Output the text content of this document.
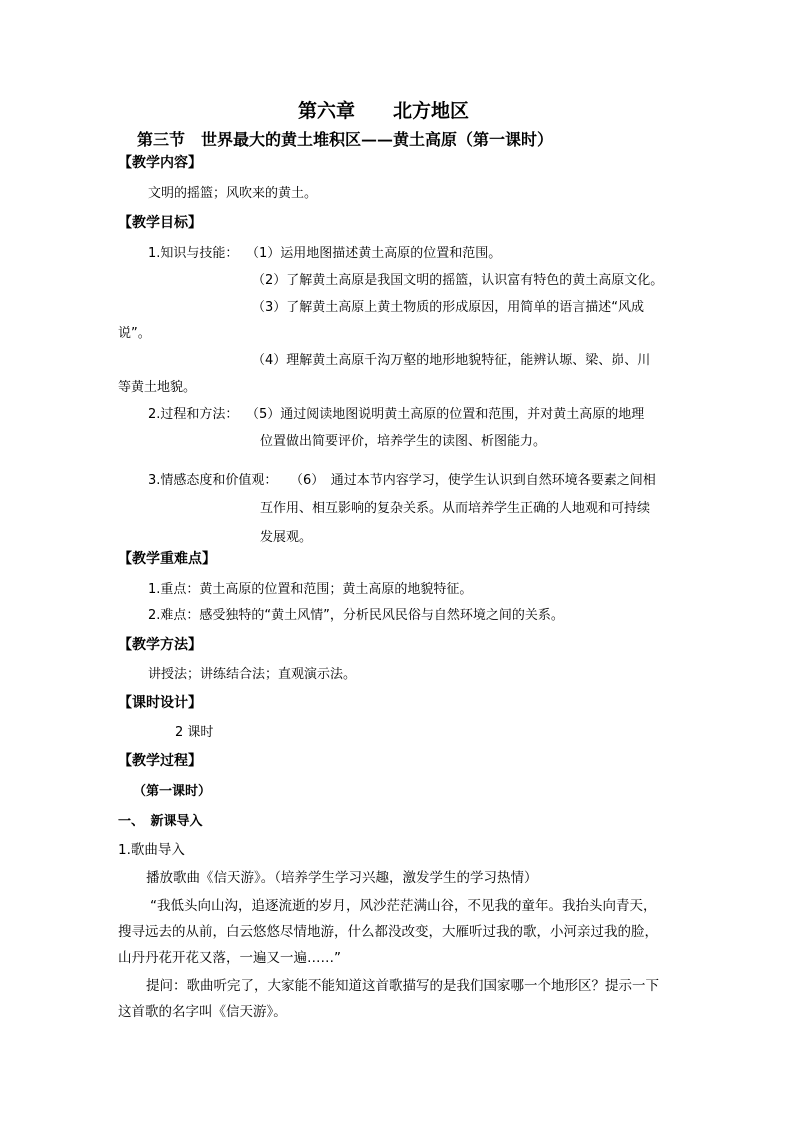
第六章　　北方地区
第三节　世界最大的黄土堆积区——黄土高原（第一课时）
【教学内容】
文明的摇篮；风吹来的黄土。
【教学目标】
1.知识与技能： （1）运用地图描述黄土高原的位置和范围。
（2）了解黄土高原是我国文明的摇篮，认识富有特色的黄土高原文化。
（3）了解黄土高原上黄土物质的形成原因，用简单的语言描述“风成
说”。
（4）理解黄土高原千沟万壑的地形地貌特征，能辨认塬、梁、峁、川
等黄土地貌。
2.过程和方法： （5）通过阅读地图说明黄土高原的位置和范围，并对黄土高原的地理
位置做出简要评价，培养学生的读图、析图能力。
3.情感态度和价值观： （6）　通过本节内容学习，使学生认识到自然环境各要素之间相
互作用、相互影响的复杂关系。从而培养学生正确的人地观和可持续
发展观。
【教学重难点】
1.重点：黄土高原的位置和范围；黄土高原的地貌特征。
2.难点：感受独特的“黄土风情”，分析民风民俗与自然环境之间的关系。
【教学方法】
讲授法；讲练结合法；直观演示法。
【课时设计】
2 课时
【教学过程】
（第一课时）
一、　新课导入
1.歌曲导入
播放歌曲《信天游》。（培养学生学习兴趣，激发学生的学习热情）
“我低头向山沟，追逐流逝的岁月，风沙茫茫满山谷，不见我的童年。我抬头向青天，
搜寻远去的从前，白云悠悠尽情地游，什么都没改变，大雁听过我的歌，小河亲过我的脸，
山丹丹花开花又落，一遍又一遍……”
提问：歌曲听完了，大家能不能知道这首歌描写的是我们国家哪一个地形区？提示一下
这首歌的名字叫《信天游》。
